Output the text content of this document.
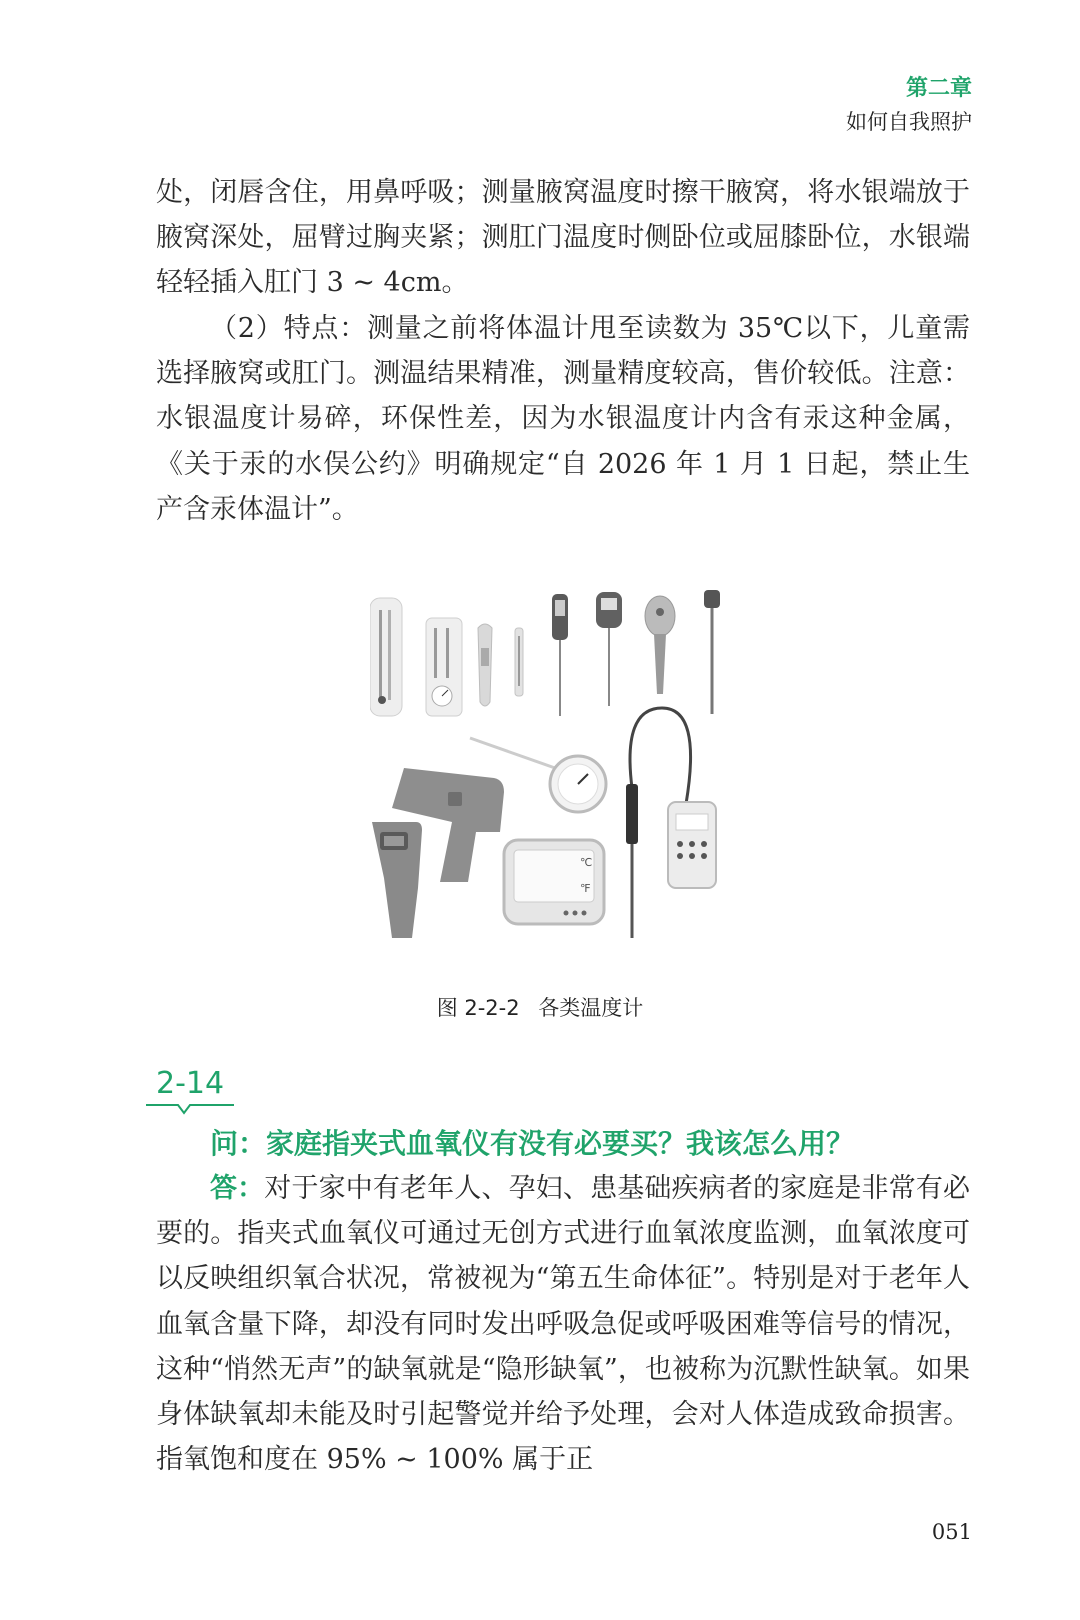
第二章
如何自我照护

处，闭唇含住，用鼻呼吸；测量腋窝温度时擦干腋窝，将水银端放于腋窝深处，屈臂过胸夹紧；测肛门温度时侧卧位或屈膝卧位，水银端轻轻插入肛门 3 ~ 4cm。

（2）特点：测量之前将体温计甩至读数为 35℃以下，儿童需选择腋窝或肛门。测温结果精准，测量精度较高，售价较低。注意：水银温度计易碎，环保性差，因为水银温度计内含有汞这种金属，《关于汞的水俣公约》明确规定“自 2026 年 1 月 1 日起，禁止生产含汞体温计”。

℃
℉
图 2-2-2 各类温度计
2-14
问：家庭指夹式血氧仪有没有必要买？我该怎么用？

答：对于家中有老年人、孕妇、患基础疾病者的家庭是非常有必要的。指夹式血氧仪可通过无创方式进行血氧浓度监测，血氧浓度可以反映组织氧合状况，常被视为“第五生命体征”。特别是对于老年人血氧含量下降，却没有同时发出呼吸急促或呼吸困难等信号的情况，这种“悄然无声”的缺氧就是“隐形缺氧”，也被称为沉默性缺氧。如果身体缺氧却未能及时引起警觉并给予处理，会对人体造成致命损害。指氧饱和度在 95% ~ 100% 属于正

051
